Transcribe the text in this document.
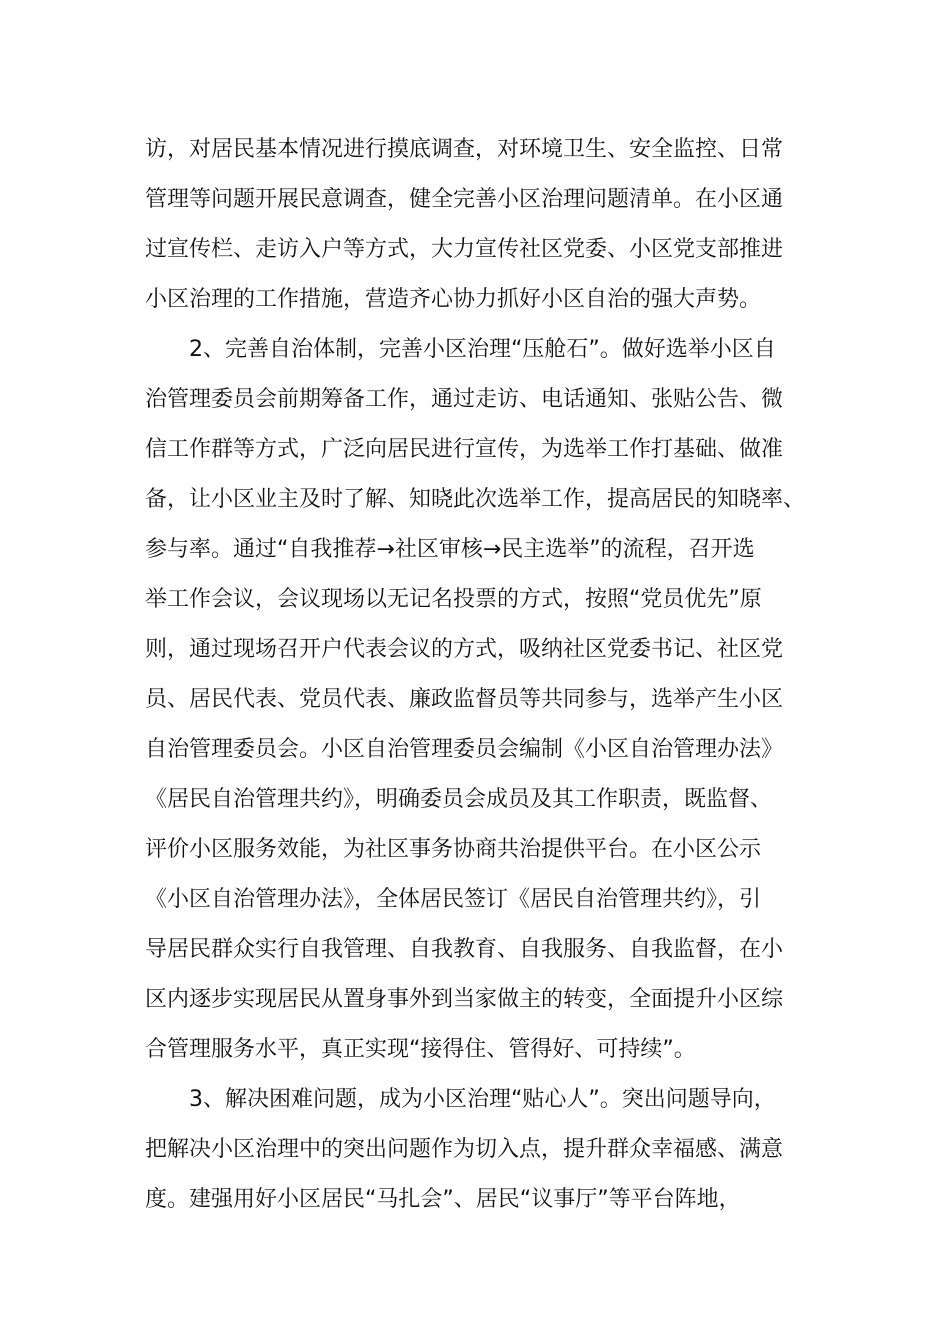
访，对居民基本情况进行摸底调查，对环境卫生、安全监控、日常
管理等问题开展民意调查，健全完善小区治理问题清单。在小区通
过宣传栏、走访入户等方式，大力宣传社区党委、小区党支部推进
小区治理的工作措施，营造齐心协力抓好小区自治的强大声势。
2、完善自治体制，完善小区治理“压舱石”。做好选举小区自
治管理委员会前期筹备工作，通过走访、电话通知、张贴公告、微
信工作群等方式，广泛向居民进行宣传，为选举工作打基础、做准
备，让小区业主及时了解、知晓此次选举工作，提高居民的知晓率、
参与率。通过“自我推荐→社区审核→民主选举”的流程，召开选
举工作会议，会议现场以无记名投票的方式，按照“党员优先”原
则，通过现场召开户代表会议的方式，吸纳社区党委书记、社区党
员、居民代表、党员代表、廉政监督员等共同参与，选举产生小区
自治管理委员会。小区自治管理委员会编制《小区自治管理办法》
《居民自治管理共约》，明确委员会成员及其工作职责，既监督、
评价小区服务效能，为社区事务协商共治提供平台。在小区公示
《小区自治管理办法》，全体居民签订《居民自治管理共约》，引
导居民群众实行自我管理、自我教育、自我服务、自我监督，在小
区内逐步实现居民从置身事外到当家做主的转变，全面提升小区综
合管理服务水平，真正实现“接得住、管得好、可持续”。
3、解决困难问题，成为小区治理“贴心人”。突出问题导向，
把解决小区治理中的突出问题作为切入点，提升群众幸福感、满意
度。建强用好小区居民“马扎会”、居民“议事厅”等平台阵地，
